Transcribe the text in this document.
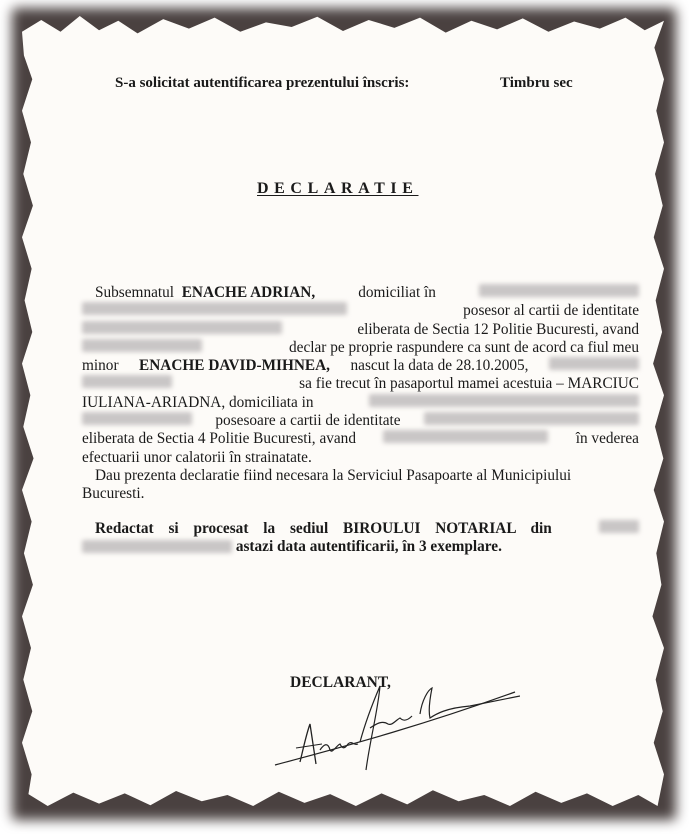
S-a solicitat autentificarea prezentului înscris:	Timbru sec
DECLARATIE
Subsemnatul ENACHE ADRIAN,	domiciliat în
posesor al cartii de identitate
eliberata de Sectia 12 Politie Bucuresti, avand
declar pe proprie raspundere ca sunt de acord ca fiul meu
minor ENACHE DAVID-MIHNEA, nascut la data de 28.10.2005,
sa fie trecut în pasaportul mamei acestuia – MARCIUC
IULIANA-ARIADNA, domiciliata in
posesoare a cartii de identitate
eliberata de Sectia 4 Politie Bucuresti, avand	în vederea
efectuarii unor calatorii în strainatate.
Dau prezenta declaratie fiind necesara la Serviciul Pasapoarte al Municipiului
Bucuresti.
Redactat si procesat la sediul BIROULUI NOTARIAL din
astazi data autentificarii, în 3 exemplare.
DECLARANT,
